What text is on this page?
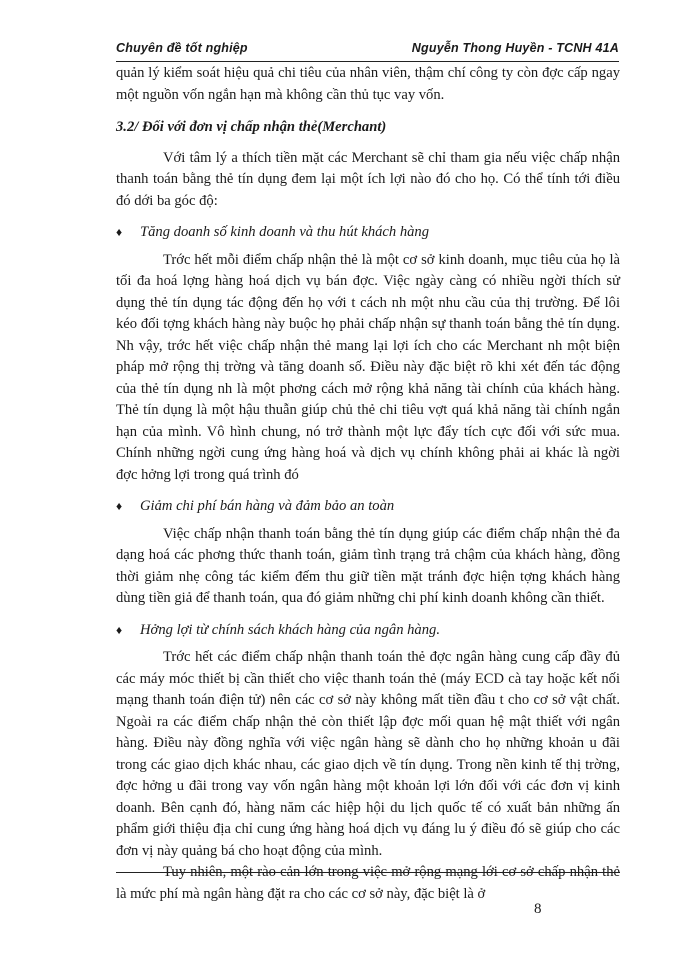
Chuyên đề tốt nghiệp	Nguyễn Thong Huyền - TCNH 41A

quản lý kiểm soát hiệu quả chi tiêu của nhân viên, thậm chí công ty còn đợc cấp ngay một nguồn vốn ngắn hạn mà không cần thủ tục vay vốn.

3.2/ Đối với đơn vị chấp nhận thẻ(Merchant)

Với tâm lý a thích tiền mặt các Merchant sẽ chỉ tham gia nếu việc chấp nhận thanh toán bằng thẻ tín dụng đem lại một ích lợi nào đó cho họ. Có thể tính tới điều đó dới ba góc độ:

♦ Tăng doanh số kinh doanh và thu hút khách hàng

Trớc hết mỗi điểm chấp nhận thẻ là một cơ sở kinh doanh, mục tiêu của họ là tối đa hoá lợng hàng hoá dịch vụ bán đợc. Việc ngày càng có nhiều ngời thích sử dụng thẻ tín dụng tác động đến họ với t cách nh một nhu cầu của thị trường. Để lôi kéo đối tợng khách hàng này buộc họ phải chấp nhận sự thanh toán bằng thẻ tín dụng. Nh vậy, trớc hết việc chấp nhận thẻ mang lại lợi ích cho các Merchant nh một biện pháp mở rộng thị trờng và tăng doanh số. Điều này đặc biệt rõ khi xét đến tác động của thẻ tín dụng nh là một phơng cách mở rộng khả năng tài chính của khách hàng. Thẻ tín dụng là một hậu thuẫn giúp chủ thẻ chi tiêu vợt quá khả năng tài chính ngắn hạn của mình. Vô hình chung, nó trở thành một lực đẩy tích cực đối với sức mua. Chính những ngời cung ứng hàng hoá và dịch vụ chính không phải ai khác là ngời đợc hởng lợi trong quá trình đó

♦ Giảm chi phí bán hàng và đảm bảo an toàn

Việc chấp nhận thanh toán bằng thẻ tín dụng giúp các điểm chấp nhận thẻ đa dạng hoá các phơng thức thanh toán, giảm tình trạng trả chậm của khách hàng, đồng thời giảm nhẹ công tác kiểm đếm thu giữ tiền mặt tránh đợc hiện tợng khách hàng dùng tiền giả để thanh toán, qua đó giảm những chi phí kinh doanh không cần thiết.

♦ Hởng lợi từ chính sách khách hàng của ngân hàng.

Trớc hết các điểm chấp nhận thanh toán thẻ đợc ngân hàng cung cấp đầy đủ các máy móc thiết bị cần thiết cho việc thanh toán thẻ (máy ECD cà tay hoặc kết nối mạng thanh toán điện tử) nên các cơ sở này không mất tiền đầu t cho cơ sở vật chất. Ngoài ra các điểm chấp nhận thẻ còn thiết lập đợc mối quan hệ mật thiết với ngân hàng. Điều này đồng nghĩa với việc ngân hàng sẽ dành cho họ những khoản u đãi trong các giao dịch khác nhau, các giao dịch về tín dụng. Trong nền kinh tế thị trờng, đợc hởng u đãi trong vay vốn ngân hàng một khoản lợi lớn đối với các đơn vị kinh doanh. Bên cạnh đó, hàng năm các hiệp hội du lịch quốc tế có xuất bản những ấn phẩm giới thiệu địa chỉ cung ứng hàng hoá dịch vụ đáng lu ý điều đó sẽ giúp cho các đơn vị này quảng bá cho hoạt động của mình.

Tuy nhiên, một rào cản lớn trong việc mở rộng mạng lới cơ sở chấp nhận thẻ là mức phí mà ngân hàng đặt ra cho các cơ sở này, đặc biệt là ở

8
